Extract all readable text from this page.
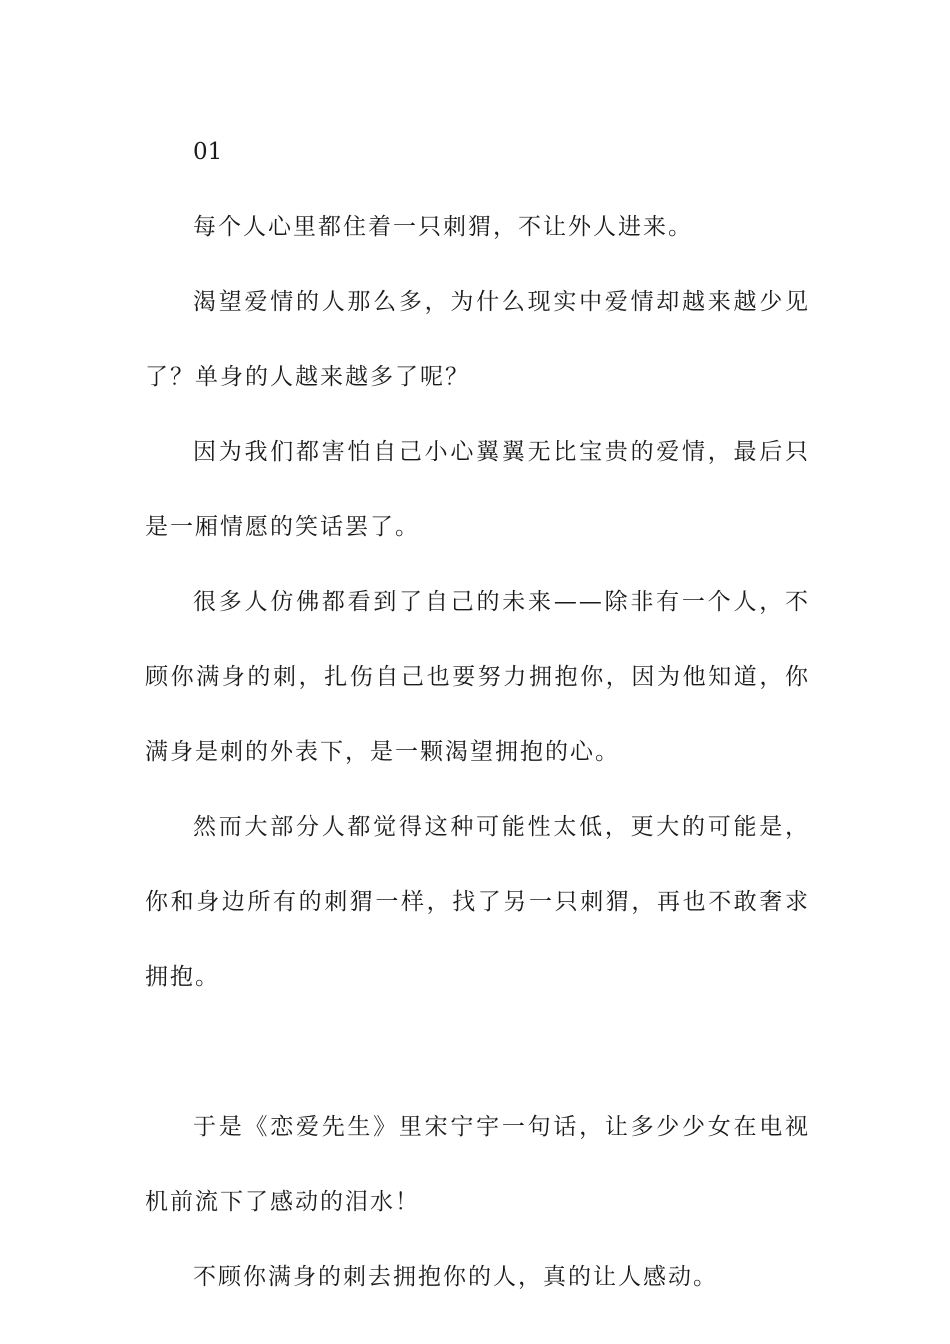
01

每个人心里都住着一只刺猬，不让外人进来。

渴望爱情的人那么多，为什么现实中爱情却越来越少见了？单身的人越来越多了呢？

因为我们都害怕自己小心翼翼无比宝贵的爱情，最后只是一厢情愿的笑话罢了。

很多人仿佛都看到了自己的未来——除非有一个人，不顾你满身的刺，扎伤自己也要努力拥抱你，因为他知道，你满身是刺的外表下，是一颗渴望拥抱的心。

然而大部分人都觉得这种可能性太低，更大的可能是，你和身边所有的刺猬一样，找了另一只刺猬，再也不敢奢求拥抱。

于是《恋爱先生》里宋宁宇一句话，让多少少女在电视机前流下了感动的泪水！

不顾你满身的刺去拥抱你的人，真的让人感动。
